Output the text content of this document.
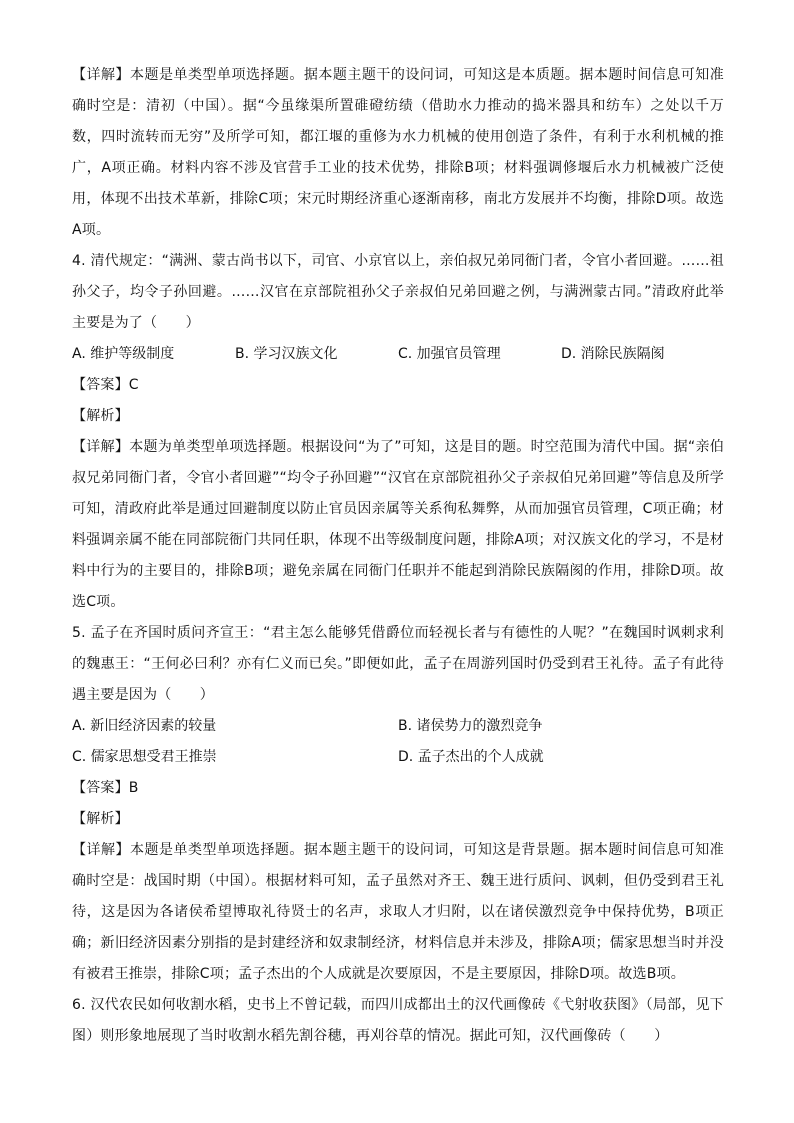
【详解】本题是单类型单项选择题。据本题主题干的设问词，可知这是本质题。据本题时间信息可知准确时空是：清初（中国）。据“今虽缘渠所置碓磴纺绩（借助水力推动的捣米器具和纺车）之处以千万数，四时流转而无穷”及所学可知，都江堰的重修为水力机械的使用创造了条件，有利于水利机械的推广，A项正确。材料内容不涉及官营手工业的技术优势，排除B项；材料强调修堰后水力机械被广泛使用，体现不出技术革新，排除C项；宋元时期经济重心逐渐南移，南北方发展并不均衡，排除D项。故选A项。

4. 清代规定：“满洲、蒙古尚书以下，司官、小京官以上，亲伯叔兄弟同衙门者，令官小者回避。……祖孙父子，均令子孙回避。……汉官在京部院祖孙父子亲叔伯兄弟回避之例，与满洲蒙古同。”清政府此举主要是为了（　　）

A. 维护等级制度	B. 学习汉族文化	C. 加强官员管理	D. 消除民族隔阂

【答案】C

【解析】

【详解】本题为单类型单项选择题。根据设问“为了”可知，这是目的题。时空范围为清代中国。据“亲伯叔兄弟同衙门者，令官小者回避”“均令子孙回避”“汉官在京部院祖孙父子亲叔伯兄弟回避”等信息及所学可知，清政府此举是通过回避制度以防止官员因亲属等关系徇私舞弊，从而加强官员管理，C项正确；材料强调亲属不能在同部院衙门共同任职，体现不出等级制度问题，排除A项；对汉族文化的学习，不是材料中行为的主要目的，排除B项；避免亲属在同衙门任职并不能起到消除民族隔阂的作用，排除D项。故选C项。

5. 孟子在齐国时质问齐宣王：“君主怎么能够凭借爵位而轻视长者与有德性的人呢？”在魏国时讽刺求利的魏惠王：“王何必曰利？亦有仁义而已矣。”即便如此，孟子在周游列国时仍受到君王礼待。孟子有此待遇主要是因为（　　）

A. 新旧经济因素的较量	B. 诸侯势力的激烈竞争
C. 儒家思想受君王推崇	D. 孟子杰出的个人成就

【答案】B

【解析】

【详解】本题是单类型单项选择题。据本题主题干的设问词，可知这是背景题。据本题时间信息可知准确时空是：战国时期（中国）。根据材料可知，孟子虽然对齐王、魏王进行质问、讽刺，但仍受到君王礼待，这是因为各诸侯希望博取礼待贤士的名声，求取人才归附，以在诸侯激烈竞争中保持优势，B项正确；新旧经济因素分别指的是封建经济和奴隶制经济，材料信息并未涉及，排除A项；儒家思想当时并没有被君王推崇，排除C项；孟子杰出的个人成就是次要原因，不是主要原因，排除D项。故选B项。

6. 汉代农民如何收割水稻，史书上不曾记载，而四川成都出土的汉代画像砖《弋射收获图》（局部，见下图）则形象地展现了当时收割水稻先割谷穗，再刈谷草的情况。据此可知，汉代画像砖（　　）
